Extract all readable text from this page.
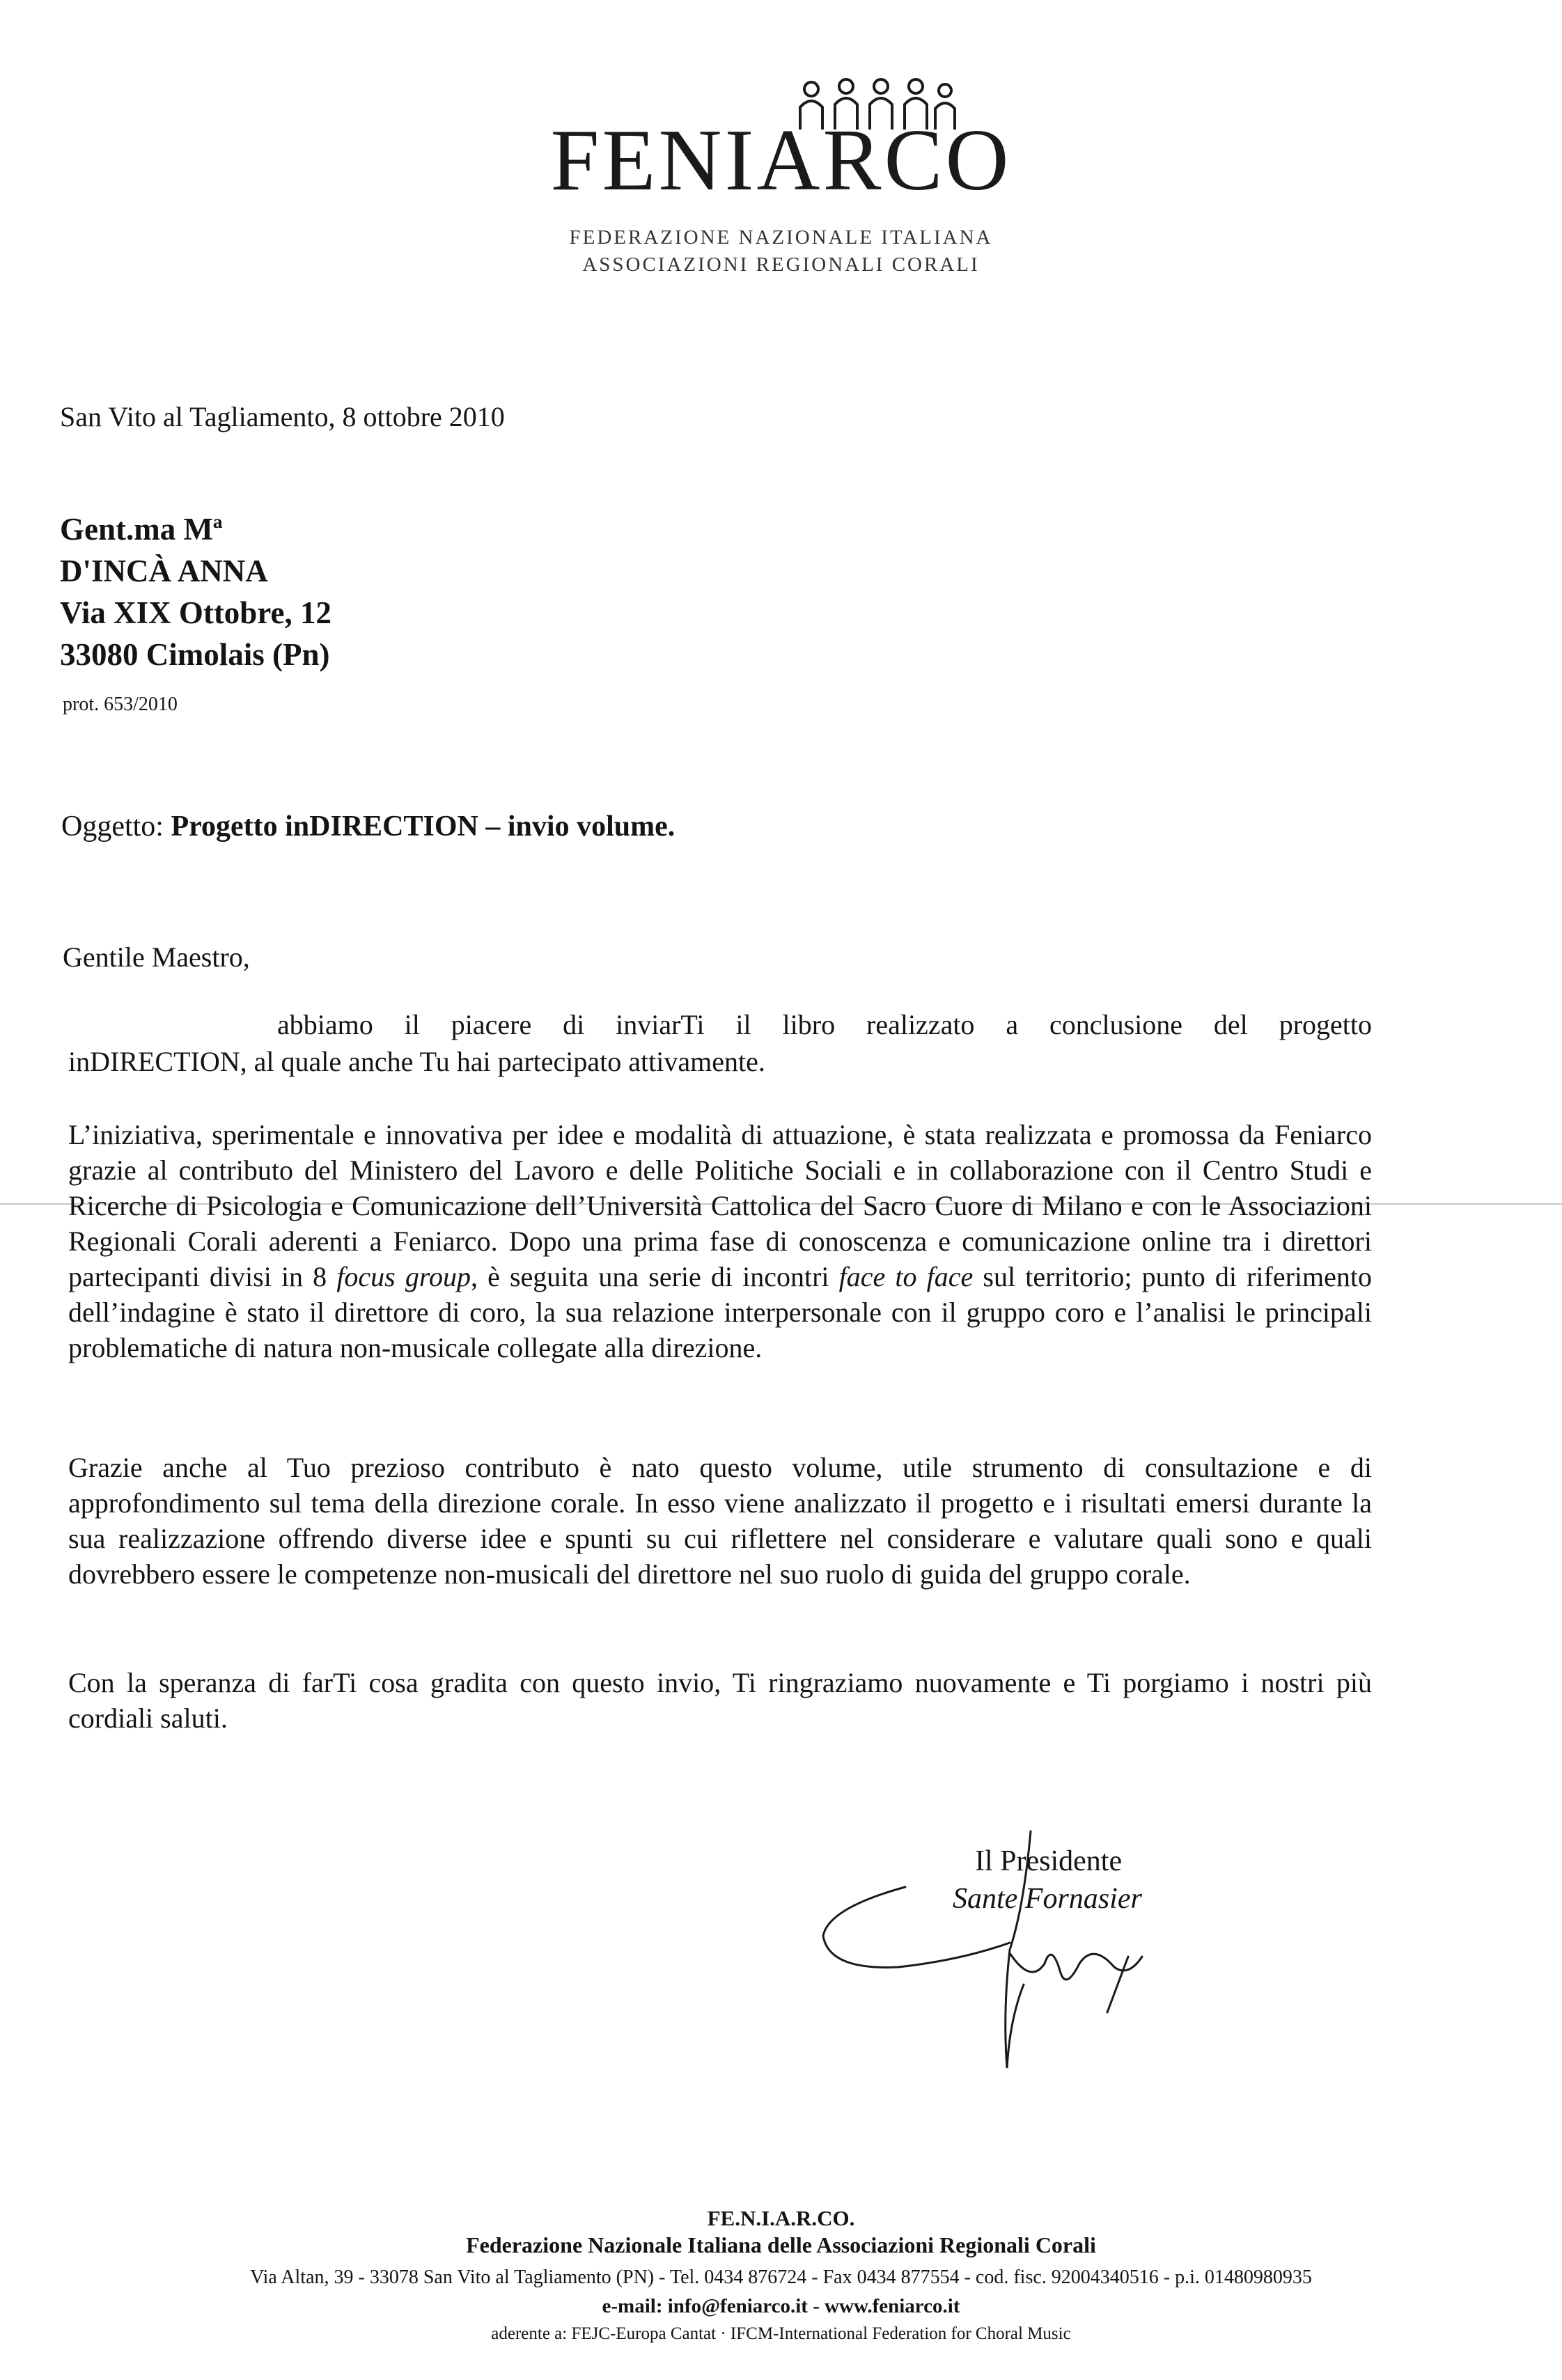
FENIARCO
FEDERAZIONE NAZIONALE ITALIANA
ASSOCIAZIONI REGIONALI CORALI
San Vito al Tagliamento, 8 ottobre 2010
Gent.ma Mª
D'INCÀ ANNA
Via XIX Ottobre, 12
33080 Cimolais (Pn)
prot. 653/2010
Oggetto: Progetto inDIRECTION – invio volume.
Gentile Maestro,
abbiamo il piacere di inviarTi il libro realizzato a conclusione del progetto
inDIRECTION, al quale anche Tu hai partecipato attivamente.
L’iniziativa, sperimentale e innovativa per idee e modalità di attuazione, è stata realizzata e promossa da Feniarco grazie al contributo del Ministero del Lavoro e delle Politiche Sociali e in collaborazione con il Centro Studi e Ricerche di Psicologia e Comunicazione dell’Università Cattolica del Sacro Cuore di Milano e con le Associazioni Regionali Corali aderenti a Feniarco. Dopo una prima fase di conoscenza e comunicazione online tra i direttori partecipanti divisi in 8 focus group, è seguita una serie di incontri face to face sul territorio; punto di riferimento dell’indagine è stato il direttore di coro, la sua relazione interpersonale con il gruppo coro e l’analisi le principali problematiche di natura non-musicale collegate alla direzione.
Grazie anche al Tuo prezioso contributo è nato questo volume, utile strumento di consultazione e di approfondimento sul tema della direzione corale. In esso viene analizzato il progetto e i risultati emersi durante la sua realizzazione offrendo diverse idee e spunti su cui riflettere nel considerare e valutare quali sono e quali dovrebbero essere le competenze non-musicali del direttore nel suo ruolo di guida del gruppo corale.
Con la speranza di farTi cosa gradita con questo invio, Ti ringraziamo nuovamente e Ti porgiamo i nostri più cordiali saluti.
Il Presidente
Sante Fornasier
FE.N.I.A.R.CO.
Federazione Nazionale Italiana delle Associazioni Regionali Corali
Via Altan, 39 - 33078 San Vito al Tagliamento (PN) - Tel. 0434 876724 - Fax 0434 877554 - cod. fisc. 92004340516 - p.i. 01480980935
e-mail: info@feniarco.it - www.feniarco.it
aderente a: FEJC-Europa Cantat · IFCM-International Federation for Choral Music
